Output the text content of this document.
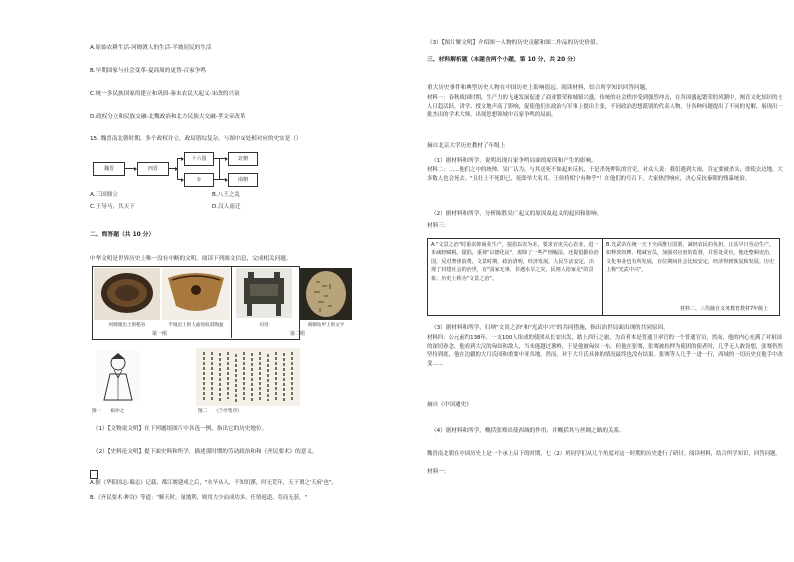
A.原始农耕生活-河姆渡人的生活-半坡居民的生活
B.早期国家与社会变革-夏商周的更替-百家争鸣
C.统一多民族国家的建立和巩固-秦末农民大起义-宋改的兴衰
D.政权分立和民族交融-北魏政治和北方民族大交融-孝文帝改革
15. 魏晋南北朝时期，多个政权并立，政局错综复杂。与图中①处相对应的史实是（）
魏晋	西晋
十六国
①
北朝
南朝
A.三国鼎立	B.八王之乱
C.王导马，共天下	D.汉人南迁
二、简答题（共 10 分）
中华文明是世界历史上唯一没有中断的文明。阅读下列图文信息，完成相关问题。
河姆渡出土的稻谷	半坡出土的人面鱼纹彩陶盆	司母	商朝龟甲上的文字
第一组	第二组
图一　　祖冲之	图二　　《兰亭集序》
（1）【文物说文明】在下列题组图片中各选一例，指出它的历史地位。
（2）【史料论文明】提下面史料和所学，描述那时期的劳动政治和和《齐民要术》的意义。
A.据《华阳国志·蜀志》记载，都江堰建成之后，"水旱从人，不知饥馑，时无荒年，天下谓之'天府'也"。
B.《齐民要术·种谷》等道："顺天时，量地利，则用力少而成功多。任情返道，劳而无获。"
（3）【图片解文明】介绍图一人物的历史贡献和图二作品的历史价值。
三、材料解析题（本题含两个小题，第 10 分，共 20 分）
重大历史事件和典型历史人物在中国历史上影响很远。阅读材料，结合所学知识回答问题。
材料一：春秋战国时期，生产力的飞速发展促进了商业繁荣和城镇兴盛，传统的社会秩序受到强烈冲击，在各国盛起繁荣的风潮中，阐育文化知识的士人日趋活跃，讲学、授文地声高了影响，促使他们在政治与军事上提出主张，不同政治思想派别的代表人物，分各种问题提出了不同的见解，展现出一批杰出的学术大师，出现思想领域中百家争鸣的局面。
摘自北京大学历史教材了年级上
（1）据材料和所学，说明出现百家争鸣局面的原因和产生的影响。
材料二：……他们之中的统帅，吴广认为，与其送死不如起来反抗，于是杀死押队的官吏，对众人说：我们遇到大雨，肯定要被杀头；即使去边地，大多数人也会死去。"且壮士不死即已，死即举大名耳，王侯将相宁有种乎"！在他们的号召下，大家热烈响应，决心反抗秦朝的残暴统治。
（2）据材料和所学，分析陈胜吴广起义的原因及起义的起因和影响。
材料三：
A."文景之治"时重农抑商业生产，提倡以农为本，要求官吏关心农业，进一步减轻赋税。提倡，重视"以德化民"，废除了一些严刑峻法，还提倡勤俭治国，反对奢侈浪费。文景时期，政治清明，经济发展，人民生活安定，出现了封建社会的治世，有"国家无事，非遇水旱之灾，民则人给家足"的景象。历史上称为"文景之治"。
B.光武帝在统一天下全面推行国策，减轻农民的负担，让其早日劳动生产，如释放奴婢，精减官员，加强对官吏的监督，并惩处贪官。他还整顿吏治，文化事业也有所发展，在位期间社会比较安定，经济得到恢复和发展。历史上称"光武中兴"。
材料二、三均摘自义务教育教材7年级上
（3）据材料和所学，归纳"文景之治"和"光武中兴"的共同措施，指出治世局面出现的共同原因。
材料四：公元前约138年，一支100人组成的使团从长安出发，踏上西行之旅，为首者本是普通卫率官的一个普通官员，然而，他的内心充满了对祖国的深切眷念，他看到大汉的匈奴和敌人，当未能越过葱岭，于是他被匈奴一东。但他在张骞，张骞被扣押为使团的使者时，几乎无人敢设想，张骞仍然坚持到底，他在边疆的大月氏国和重要中亚各地。然而，对于大月氏具体的情况最终也没有结果。张骞等人几乎一进一行，西域的一切历史在他手中改变……
摘自《中国通史》
（4）据材料和所学，概括张骞出使西域的作用，并概括其与丝绸之路的关系。
魏晋南北朝在中国历史上是一个承上启下的时期，七（2）班同学们从几个角度对这一时期的历史进行了研讨。阅读材料，结合所学知识，回答问题。
材料一：
